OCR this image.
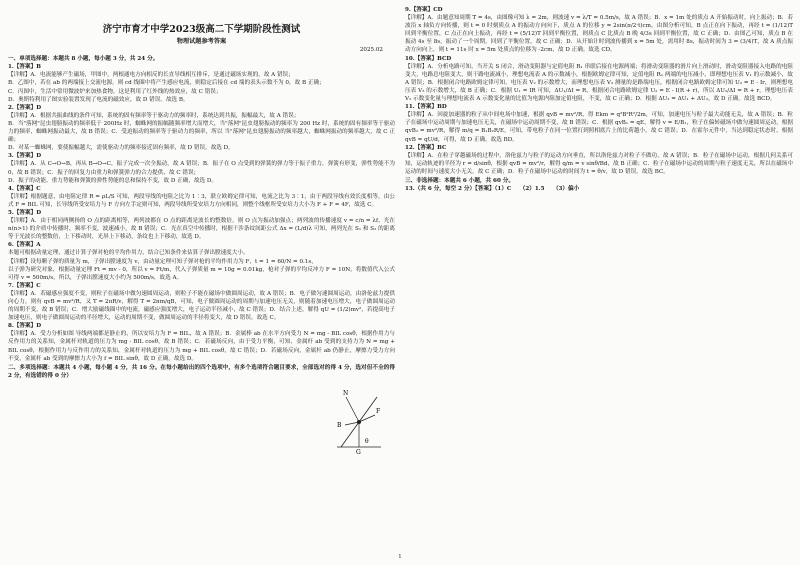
济宁市育才中学2023级高二下学期阶段性测试
物理试题参考答案
2025.02

一、单项选择题：本题共 8 小题，每小题 3 分，共 24 分。

1.【答案】B

【详解】A．电流能够产生磁场，甲图中，两根通电方向相反的长直导线相互排斥，是通过磁场实现的，故 A 错误；

B．乙图中，若在 ab 的两端接上交流电源，则 cd 线圈中将产生感应电流，则稳定后接在 cd 端的表头示数不为 0，故 B 正确；

C．丙图中，生活中常用微波炉来加热食物，这是利用了红外线的热效应，故 C 错误；

D．奥斯特利用了图实验装置发现了电流的磁效应，故 D 错误。故选 B。

2.【答案】D

【详解】A．根据共振曲线的条件可知，系统的固有频率等于驱动力的频率时，系统达到共振，振幅最大，故 A 错误；

B．当"落网"昆虫翅膀振动的频率低于 200Hz 时，蜘蛛网的振幅随频率增大而增大，当"落网"昆虫翅膀振动的频率为 200 Hz 时，系统的固有频率等于驱动力的频率，蜘蛛网振动最大，故 B 错误；C．受迫振动的频率等于驱动力的频率，所以 当"落网"昆虫翅膀振动的频率越大，蜘蛛网振动的频率越大，故 C 正确；

D．对某一蜘蛛网，要使振幅越大，需使驱动力的频率接近固有频率，故 D 错误。故选 D。

3.【答案】D

【详解】A．从 C→O→B，再从 B→O→C，振子完成一次全振动，故 A 错误；B．振子在 O 点受到的弹簧的弹力等于振子重力，弹簧有形变，弹性势能不为 0，故 B 错误；C．振子的回复力由重力和弹簧弹力的合力提供，故 C 错误；

D．振子的动能、重力势能和弹簧的弹性势能的总和保持不变，故 D 正确，故选 D。

4.【答案】C

【详解】根据题意，由电阻定律 R = ρL/S 可知，两段导线的电阻之比为 1∶3，联立欧姆定律可知，电流之比为 3∶1，由于两段导线有效长度相等，由公式 F = BIL 可知，长导线所受安培力与 F 方向左手定则可知，两段导线所受安培力方向相同，则整个线框所受安培力大小为 F + F = 4F，故选 C。

5.【答案】D

【详解】A．由于相同两侧扬的 O 点的距离相等，两列波都在 O 点的距离是波长的整数倍，则 O 点为振动加强点；两列波的传播速度 v = c/n = λf，光在 n(n>1) 的介质中传播时，频率不变，波速减小，故 B 错误；C．光在真空中传播时，根据干涉条纹间距公式 Δx = (L/d)λ 可知，两列光在 S₁ 和 S₂ 的距离等于光波长的整数倍，上下移动时，光屏上下移动，条纹也上下移动，故选 D。

6.【答案】A

本题可根据动量定理，通过计算子弹对枪的平均作用力，结合已知条件来估算子弹出膛速度大小。

【详解】设每颗子弹的质量为 m，子弹出膛速度为 v，由动量定理可知子弹对枪的平均作用力为 F，t = 1 = 60/N = 0.1s，

以子弹为研究对象，根据动量定理 Ft = mv - 0，所以 v = Ft/m，代入子弹质量 m = 10g = 0.01kg，枪对子弹的平均反冲力 F = 10N，将数值代入公式可得 v = 500m/s，所以，子弹出膛速度大小约为 500m/s，故选 A。

7.【答案】C

【详解】A．若磁感应强度不变，则粒子在磁场中做匀速圆周运动，则粒子不能在磁场中做圆周运动，故 A 错误；B．电子做匀速圆周运动，由洛伦兹力提供向心力，则有 qvB = mv²/R，又 T = 2πR/v，解得 T = 2πm/qB，可知，电子做圆周运动的周期与加速电压无关，则随着加速电压增大，电子做圆周运动的周期不变，故 B 错误；C．增大励磁线圈中的电流，磁感应强度增大，电子运动半径减小，故 C 错误；D．结合上述，解得 qU = (1/2)mv²，若提高电子加速电压，则电子做圆周运动的半径增大，运动的周期不变，做圆周运动的半径将变大，故 D 错误。故选 C。

8.【答案】D

【详解】A．受力分析如图 导线两端都是静止的，所以安培力为 F = BIL，故 A 错误；B．金属棒 ab 在水平方向受力 N = mg - BIL cosθ，根据作用力与反作用力的关系知，金属杆对轨道的压力为 mg - BIL cosθ，故 B 错误；C．若磁场反向，由于受力平衡，可知，金属杆 ab 受到的支持力为 N = mg + BIL cosθ，根据作用力与反作用力的关系知，金属杆对轨道的压力为 mg + BIL cosθ，故 C 错误；D．若磁场反向，金属杆 ab 仍静止，摩擦力受力方向不变，金属杆 ab 受到的摩擦力大小为 f = BIL sinθ，故 D 正确。故选 D。

二、多项选择题：本题共 4 小题，每小题 4 分，共 16 分。在每小题给出的四个选项中，有多个选项符合题目要求，全部选对的得 4 分，选对但不全的得 2 分，有选错的得 0 分）

9.【答案】CD

【详解】A．由题意知周期 T = 4s，由图像可知 λ = 2m，则波速 v = λ/T = 0.5m/s，故 A 错误；B．x = 1m 处的质点 A 开始振动时，向上振动；B．若波沿 x 轴负方向传播，则 t = 0 时刻质点 A 的振动方向向下，质点 A 的位移 y = 2sin(π/2·t)cm，由图分析可知，B 点正在向下振动，再经 t = (1/12)T 回到平衡位置，C 点正在向上振动，再经 t = (5/12)T 回到平衡位置，则质点 C 比质点 B 晚 4/3s 回到平衡位置，故 C 正确；D．由图乙可知，质点 B 在振动 4s 至 8s，振动了一个周期，回到了平衡位置，故 C 正确；D．从开始计时到波传播到 x = 5m 处，需用时 8s，振动时间为 3 = (3/4)T，故 A 质点振动方向向上，则 t = 11s 时 x = 5m 处质点的位移为 -2cm，故 D 正确。故选 CD。

10.【答案】BCD

【详解】A．分析电路可知，当开关 S 闭合，滑动变阻器与定值电阻 R₁ 串联后接在电源两端；将滑动变阻器的滑片向上滑动时，滑动变阻器接入电路的电阻变大，电路总电阻变大，则干路电流减小，理想电流表 A 的示数减小，根据欧姆定律可知，定值电阻 R₁ 两端的电压减小，即理想电压表 V₁ 的示数减小，故 A 错误；B．根据闭合电路欧姆定律可知，电压表 V₂ 的示数增大，而理想电压表 V₃ 测量的是路端电压，根据闭合电路欧姆定律可知 U₃ = E - Ir，则理想电压表 V₃ 的示数增大，故 B 正确；C．根据 U₁ = IR 可知，ΔU₁/ΔI = R，根据闭合电路欧姆定律 U₂ = E - I(R + r)，所以 ΔU₂/ΔI = R + r，理想电压表 V₂ 示数变化量与理想电流表 A 示数变化量的比值为电源内阻加定值电阻，不变，故 C 正确；D．根据 ΔU₃ = ΔU₁ + ΔU₂，故 D 正确。故选 BCD。

11.【答案】BD

【详解】A．回旋加速器的粒子从中间电场中加速，根据 qvB = mv²/R，得 Ekm = q²B²R²/2m，可知，加速电压与粒子最大动能无关，故 A 错误；B．粒子在磁场中运动周期与加速电压无关，在磁场中运动周期不变，故 B 错误；C．根据 qvB₁ = qE，解得 v = E/B₁，粒子在偏转磁场中做匀速圆周运动，根据 qvB₂ = mv²/R，解得 m/q = B₁B₂R/E，可知，带电粒子在同一位置打到照相底片上的比荷越小，故 C 错误；D．在霍尔元件中，当达到稳定状态时，根据 qvB = qU/d，可得，故 D 正确。故选 BD。

12.【答案】BC

【详解】A．在粒子穿越磁场的过程中，洛伦兹力与粒子的运动方向垂直，所以洛伦兹力对粒子不做功，故 A 错误；B．粒子在磁场中运动，根据几何关系可知，运动轨迹的半径为 r = d/sinθ，根据 qvB = mv²/r，解得 q/m = v sinθ/Bd，故 B 正确；C．粒子在磁场中运动的周期与粒子速度无关，所以在磁场中运动的时间与速度大小无关，故 C 正确；D．粒子在磁场中运动的时间为 t = θ/v，故 D 错误。故选 BC。

三、非选择题：本题共 6 小题，共 60 分。

13.（共 6 分，每空 2 分）【答案】（1）C　　（2）1.5　　（3）偏小

N
F
B
θ
G
1
